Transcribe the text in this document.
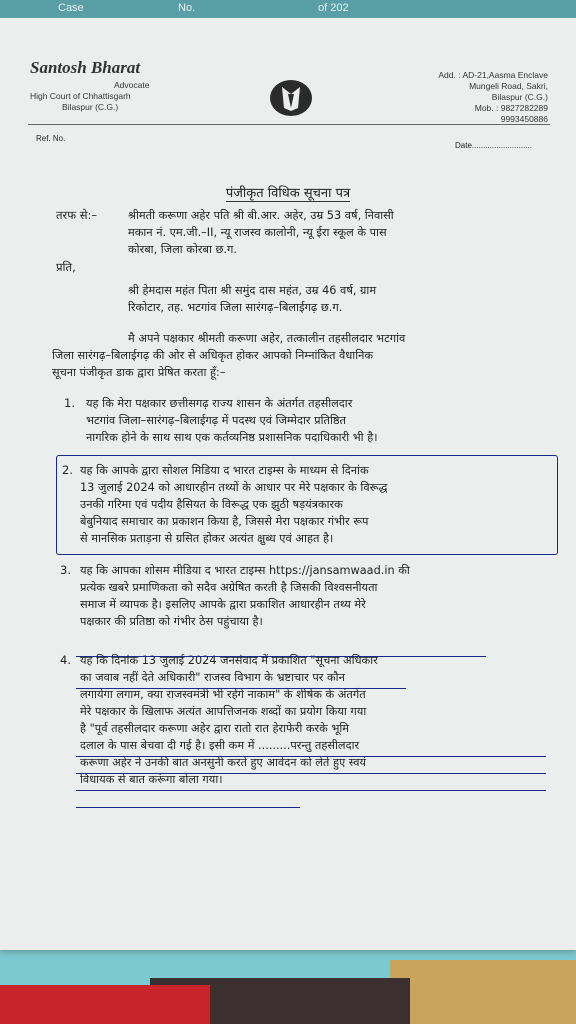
Case	No.	of 202
Santosh Bharat
Advocate
High Court of Chhattisgarh
Bilaspur (C.G.)
Add. : AD-21,Aasma Enclave
Mungeli Road, Sakri,
Bilaspur (C.G.)
Mob. : 9827282289
9993450886
Ref. No.
Date...........................
पंजीकृत विधिक सूचना पत्र
तरफ से:–	श्रीमती करूणा अहेर पति श्री बी.आर. अहेर, उम्र 53 वर्ष, निवासी
मकान नं. एम.जी.–II, न्यू राजस्व कालोनी, न्यू ईरा स्कूल के पास
कोरबा, जिला कोरबा छ.ग.
प्रति,
श्री हेमदास महंत पिता श्री समुंद दास महंत, उम्र 46 वर्ष, ग्राम
रिकोटार, तह. भटगांव जिला सारंगढ़–बिलाईगढ़ छ.ग.
मै अपने पक्षकार श्रीमती करूणा अहेर, तत्कालीन तहसीलदार भटगांव
जिला सारंगढ़–बिलाईगढ़ की ओर से अधिकृत होकर आपको निम्नांकित वैधानिक
सूचना पंजीकृत डाक द्वारा प्रेषित करता हूँ:–
1. यह कि मेरा पक्षकार छत्तीसगढ़ राज्य शासन के अंतर्गत तहसीलदार
भटगांव जिला–सारंगढ़–बिलाईगढ़ में पदस्थ एवं जिम्मेदार प्रतिष्ठित
नागरिक होने के साथ साथ एक कर्तव्यनिष्ठ प्रशासनिक पदाधिकारी भी है।
2. यह कि आपके द्वारा सोशल मिडिया द भारत टाइम्स के माध्यम से दिनांक
13 जुलाई 2024 को आधारहीन तथ्यों के आधार पर मेरे पक्षकार के विरूद्ध
उनकी गरिमा एवं पदीय हैसियत के विरूद्ध एक झुठी षड़यंत्रकारक
बेबुनियाद समाचार का प्रकाशन किया है, जिससे मेरा पक्षकार गंभीर रूप
से मानसिक प्रताड़ना से ग्रसित होकर अत्यंत क्षुब्ध एवं आहत है।
3. यह कि आपका शोसम मीडिया द भारत टाइम्स https://jansamwaad.in की
प्रत्येक खबरे प्रमाणिकता को सदैव अग्रेषित करती है जिसकी विश्वसनीयता
समाज में व्यापक है। इसलिए आपके द्वारा प्रकाशित आधारहीन तथ्य मेरे
पक्षकार की प्रतिष्ठा को गंभीर ठेस पहुंचाया है।
4. यह कि दिनांक 13 जुलाई 2024 जनसंवाद में प्रकाशित "सूचना अधिकार
का जवाब नहीं देते अधिकारी" राजस्व विभाग के भ्रष्टाचार पर कौन
लगायेगा लगाम, क्या राजस्वमंत्री भी रहेंगे नाकाम" के शीर्षक के अंतर्गत
मेरे पक्षकार के खिलाफ अत्यंत आपत्तिजनक शब्दों का प्रयोग किया गया
है "पूर्व तहसीलदार करूणा अहेर द्वारा रातो रात हेराफेरी करके भूमि
दलाल के पास बेचवा दी गई है। इसी कम में .........परन्तु तहसीलदार
करूणा अहेर ने उनकी बात अनसुनी करते हुए आवेदन को लेते हुए स्वयं
विधायक से बात करूंगा बोला गया।
